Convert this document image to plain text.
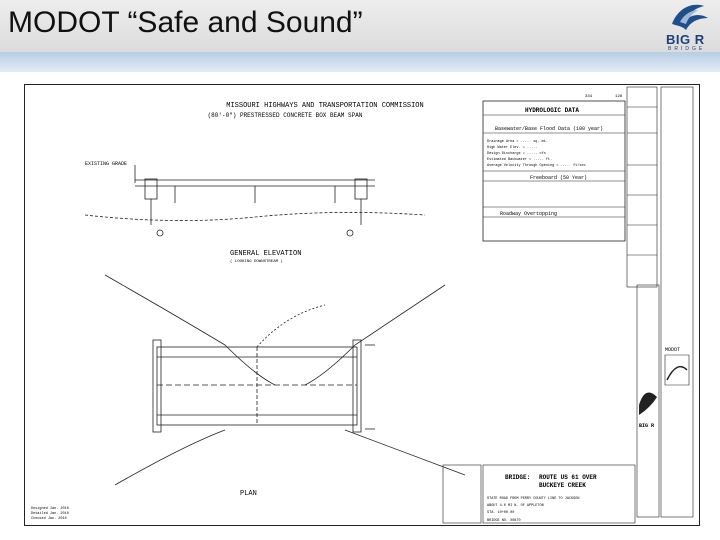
MODOT “Safe and Sound”
BIG R
BRIDGE
MISSOURI HIGHWAYS AND TRANSPORTATION COMMISSION
(80'-0") PRESTRESSED CONCRETE BOX BEAM SPAN
EXISTING GRADE
GENERAL ELEVATION
( LOOKING DOWNSTREAM )
PLAN
HYDROLOGIC DATA
Basewater/Base Flood Data (100 year)
Drainage Area = ..... sq. mi.
High Water Elev. = .....
Design Discharge = ..... cfs
Estimated Backwater = ..... ft.
Average Velocity Through Opening = ..... ft/sec
Freeboard (50 Year)
Roadway Overtopping
334	128
MODOT
BIG R
BRIDGE: ROUTE US 61 OVER
BUCKEYE CREEK
STATE ROAD FROM PERRY COUNTY LINE TO JACKSON
ABOUT 4.0 MI N. OF APPLETON
STA. 10+00.00
BRIDGE NO. X0870
Designed Jan. 2010
Detailed Jan. 2010
Checked Jan. 2010
